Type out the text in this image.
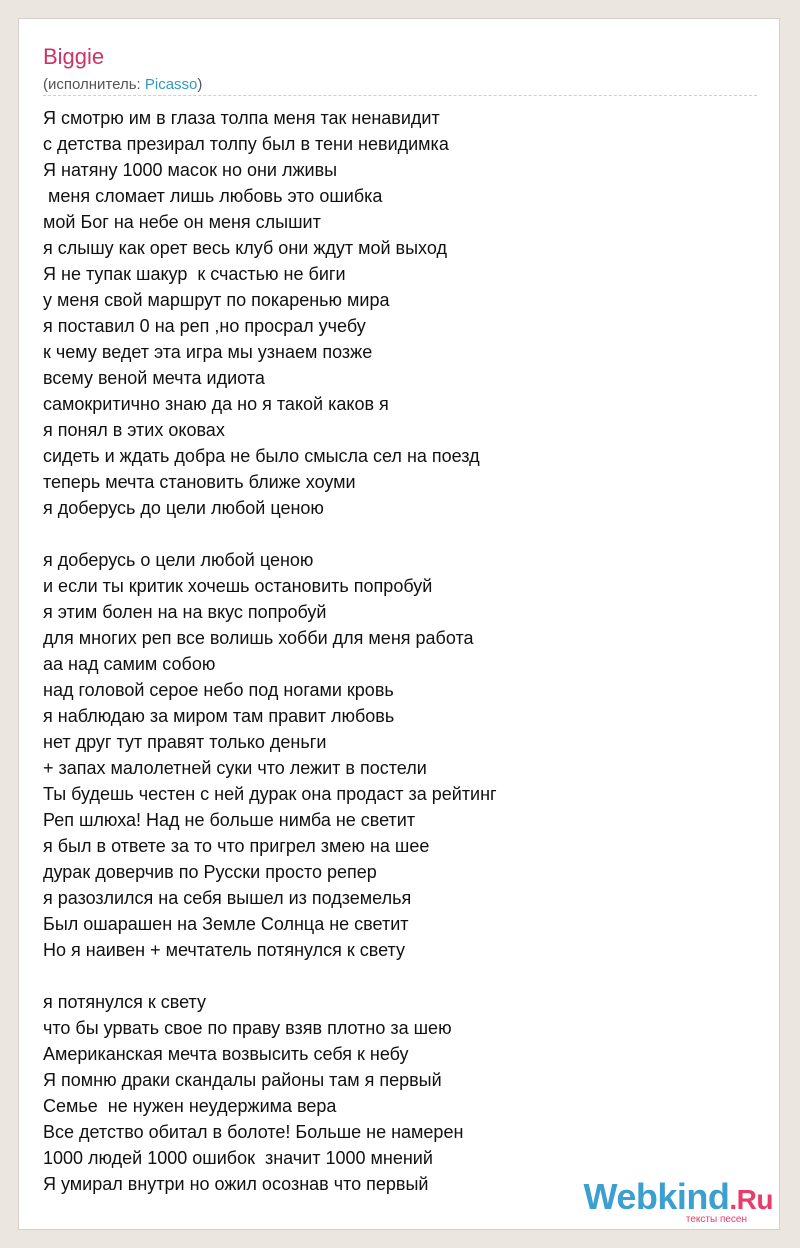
Biggie
(исполнитель: Picasso)
Я смотрю им в глаза толпа меня так ненавидит
с детства презирал толпу был в тени невидимка
Я натяну 1000 масок но они лживы
меня сломает лишь любовь это ошибка
мой Бог на небе он меня слышит
я слышу как орет весь клуб они ждут мой выход
Я не тупак шакур  к счастью не биги
у меня свой маршрут по покаренью мира
я поставил 0 на реп ,но просрал учебу
к чему ведет эта игра мы узнаем позже
всему веной мечта идиота
самокритично знаю да но я такой каков я
я понял в этих оковах
сидеть и ждать добра не было смысла сел на поезд
теперь мечта становить ближе хоуми
я доберусь до цели любой ценою
я доберусь о цели любой ценою
и если ты критик хочешь остановить попробуй
я этим болен на на вкус попробуй
для многих реп все волишь хобби для меня работа
аа над самим собою
над головой серое небо под ногами кровь
я наблюдаю за миром там правит любовь
нет друг тут правят только деньги
+ запах малолетней суки что лежит в постели
Ты будешь честен с ней дурак она продаст за рейтинг
Реп шлюха! Над не больше нимба не светит
я был в ответе за то что пригрел змею на шее
дурак доверчив по Русски просто репер
я разозлился на себя вышел из подземелья
Был ошарашен на Земле Солнца не светит
Но я наивен + мечтатель потянулся к свету
я потянулся к свету
что бы урвать свое по праву взяв плотно за шею
Американская мечта возвысить себя к небу
Я помню драки скандалы районы там я первый
Семье  не нужен неудержима вера
Все детство обитал в болоте! Больше не намерен
1000 людей 1000 ошибок  значит 1000 мнений
Я умирал внутри но ожил осознав что первый	Webkind.Ru
тексты песен
